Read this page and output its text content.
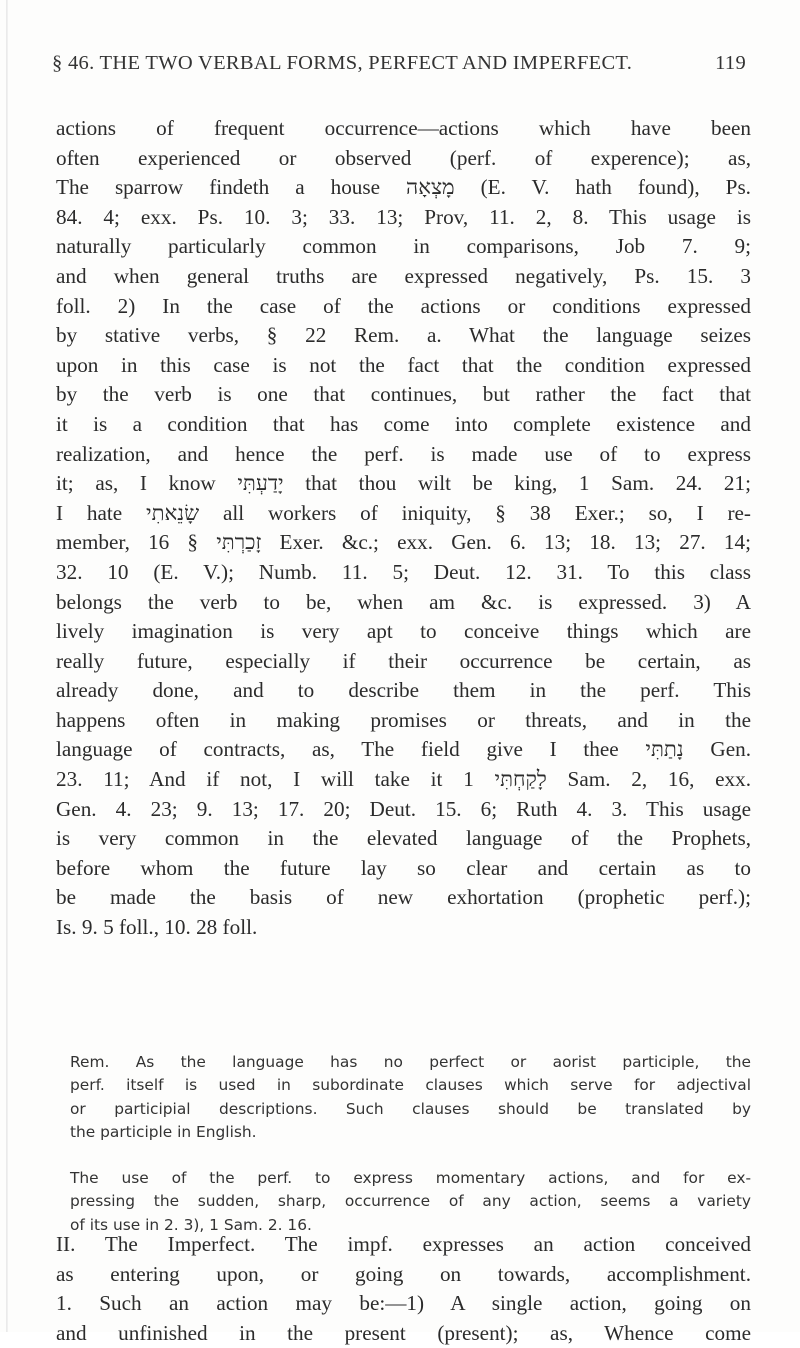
§ 46. THE TWO VERBAL FORMS, PERFECT AND IMPERFECT.	119
actions of frequent occurrence—actions which have been
often experienced or observed (perf. of experence); as,
The sparrow findeth a house מָצְאָה (E. V. hath found), Ps.
84. 4; exx. Ps. 10. 3; 33. 13; Prov, 11. 2, 8. This usage is
naturally particularly common in comparisons, Job 7. 9;
and when general truths are expressed negatively, Ps. 15. 3
foll. 2) In the case of the actions or conditions expressed
by stative verbs, § 22 Rem. a. What the language seizes
upon in this case is not the fact that the condition expressed
by the verb is one that continues, but rather the fact that
it is a condition that has come into complete existence and
realization, and hence the perf. is made use of to express
it; as, I know יָדַעְתִּי that thou wilt be king, 1 Sam. 24. 21;
I hate שָׂנֵאתִי all workers of iniquity, § 38 Exer.; so, I re-
member, זָכַרְתִּי § 16 Exer. &c.; exx. Gen. 6. 13; 18. 13; 27. 14;
32. 10 (E. V.); Numb. 11. 5; Deut. 12. 31. To this class
belongs the verb to be, when am &c. is expressed. 3) A
lively imagination is very apt to conceive things which are
really future, especially if their occurrence be certain, as
already done, and to describe them in the perf. This
happens often in making promises or threats, and in the
language of contracts, as, The field give I thee נָתַתִּי Gen.
23. 11; And if not, I will take it לָקַחְתִּי 1 Sam. 2, 16, exx.
Gen. 4. 23; 9. 13; 17. 20; Deut. 15. 6; Ruth 4. 3. This usage
is very common in the elevated language of the Prophets,
before whom the future lay so clear and certain as to
be made the basis of new exhortation (prophetic perf.);
Is. 9. 5 foll., 10. 28 foll.
Rem. As the language has no perfect or aorist participle, the
perf. itself is used in subordinate clauses which serve for adjectival
or participial descriptions. Such clauses should be translated by
the participle in English.
The use of the perf. to express momentary actions, and for ex-
pressing the sudden, sharp, occurrence of any action, seems a variety
of its use in 2. 3), 1 Sam. 2. 16.
II. The Imperfect. The impf. expresses an action conceived
as entering upon, or going on towards, accomplishment.
1. Such an action may be:—1) A single action, going on
and unfinished in the present (present); as, Whence come
